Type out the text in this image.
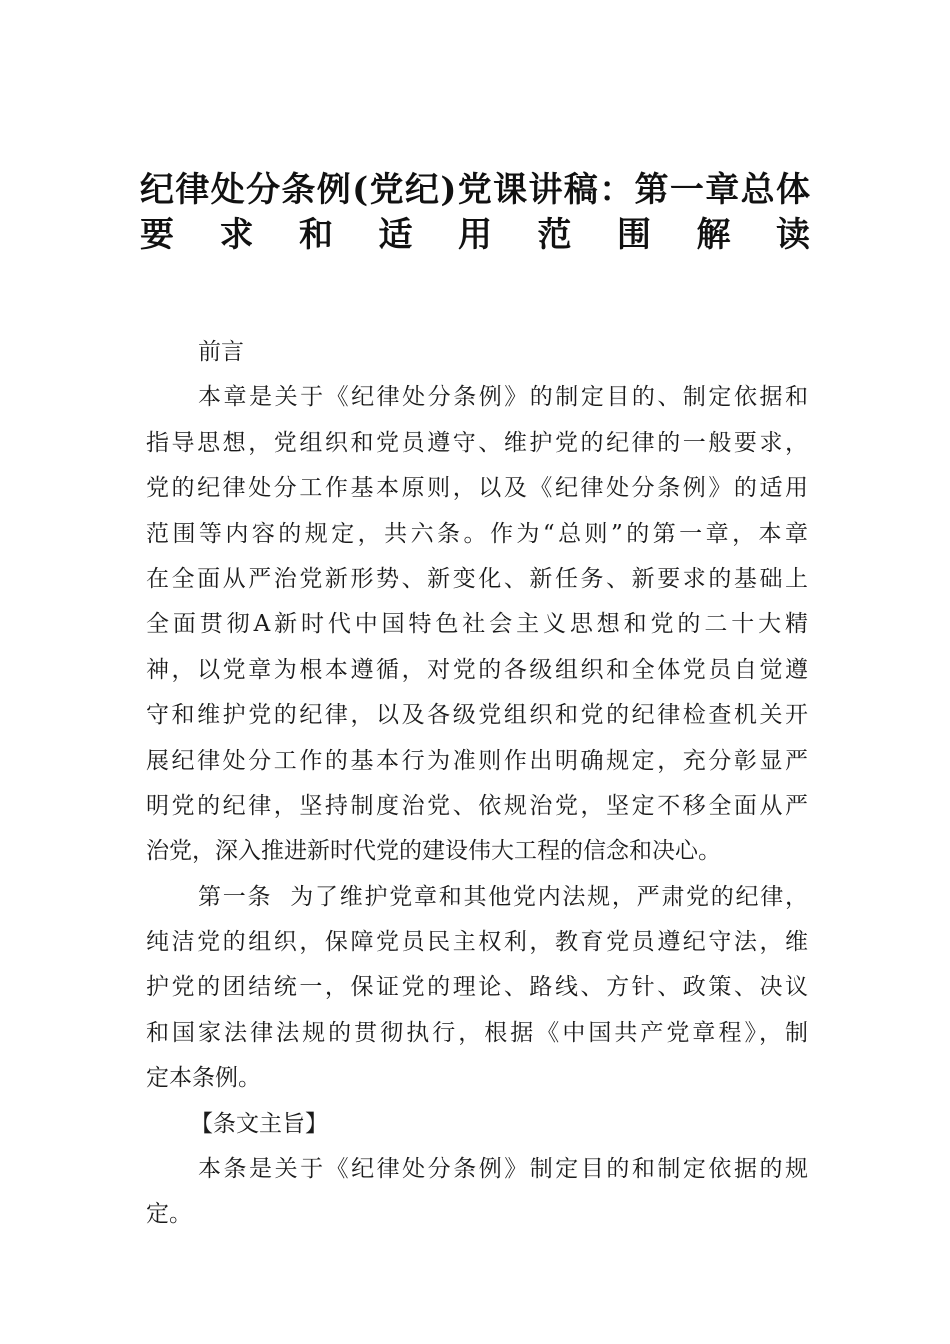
纪律处分条例(党纪)党课讲稿：第一章总体
要求和适用范围解读

前言

本章是关于《纪律处分条例》的制定目的、制定依据和
指导思想，党组织和党员遵守、维护党的纪律的一般要求，
党的纪律处分工作基本原则，以及《纪律处分条例》的适用
范围等内容的规定，共六条。作为“总则”的第一章，本章
在全面从严治党新形势、新变化、新任务、新要求的基础上
全面贯彻A新时代中国特色社会主义思想和党的二十大精
神，以党章为根本遵循，对党的各级组织和全体党员自觉遵
守和维护党的纪律，以及各级党组织和党的纪律检查机关开
展纪律处分工作的基本行为准则作出明确规定，充分彰显严
明党的纪律，坚持制度治党、依规治党，坚定不移全面从严
治党，深入推进新时代党的建设伟大工程的信念和决心。

第一条  为了维护党章和其他党内法规，严肃党的纪律，
纯洁党的组织，保障党员民主权利，教育党员遵纪守法，维
护党的团结统一，保证党的理论、路线、方针、政策、决议
和国家法律法规的贯彻执行，根据《中国共产党章程》，制
定本条例。

【条文主旨】

本条是关于《纪律处分条例》制定目的和制定依据的规
定。
